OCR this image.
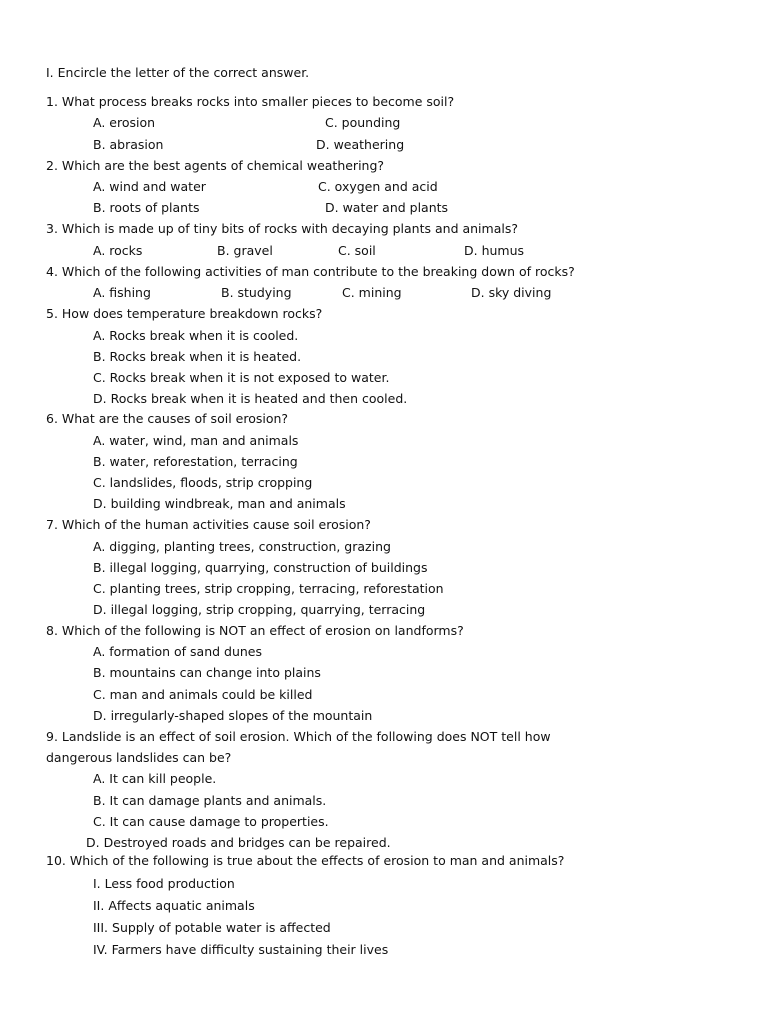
I. Encircle the letter of the correct answer.
1. What process breaks rocks into smaller pieces to become soil?
A. erosion	C. pounding
B. abrasion	D. weathering
2. Which are the best agents of chemical weathering?
A. wind and water	C. oxygen and acid
B. roots of plants	D. water and plants
3. Which is made up of tiny bits of rocks with decaying plants and animals?
A. rocks	B. gravel	C. soil	D. humus
4. Which of the following activities of man contribute to the breaking down of rocks?
A. fishing	B. studying	C. mining	D. sky diving
5. How does temperature breakdown rocks?
A. Rocks break when it is cooled.
B. Rocks break when it is heated.
C. Rocks break when it is not exposed to water.
D. Rocks break when it is heated and then cooled.
6. What are the causes of soil erosion?
A. water, wind, man and animals
B. water, reforestation, terracing
C. landslides, floods, strip cropping
D. building windbreak, man and animals
7. Which of the human activities cause soil erosion?
A. digging, planting trees, construction, grazing
B. illegal logging, quarrying, construction of buildings
C. planting trees, strip cropping, terracing, reforestation
D. illegal logging, strip cropping, quarrying, terracing
8. Which of the following is NOT an effect of erosion on landforms?
A. formation of sand dunes
B. mountains can change into plains
C. man and animals could be killed
D. irregularly-shaped slopes of the mountain
9. Landslide is an effect of soil erosion. Which of the following does NOT tell how
dangerous landslides can be?
A. It can kill people.
B. It can damage plants and animals.
C. It can cause damage to properties.
D. Destroyed roads and bridges can be repaired.
10. Which of the following is true about the effects of erosion to man and animals?
I. Less food production
II. Affects aquatic animals
III. Supply of potable water is affected
IV. Farmers have difficulty sustaining their lives
